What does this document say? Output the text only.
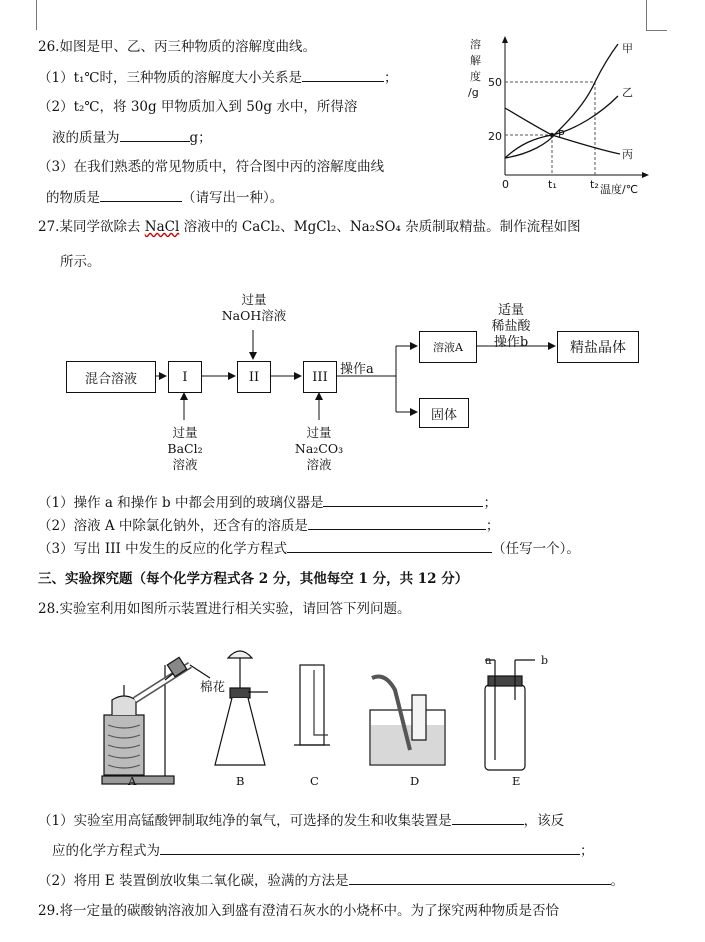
26.如图是甲、乙、丙三种物质的溶解度曲线。
（1）t₁℃时，三种物质的溶解度大小关系是	；
（2）t₂℃，将 30g 甲物质加入到 50g 水中，所得溶
液的质量为	g；
（3）在我们熟悉的常见物质中，符合图中丙的溶解度曲线
的物质是	（请写出一种）。
溶
解
度
/g
50
20
0	t₁	t₂ 温度/℃
P
甲
乙
丙
27.某同学欲除去 NaCl 溶液中的 CaCl₂、MgCl₂、Na₂SO₄ 杂质制取精盐。制作流程如图
所示。
混合溶液	I	II	III
溶液A	精盐晶体
固体
过量
NaOH溶液
过量
BaCl₂
溶液
过量
Na₂CO₃
溶液
操作a
适量
稀盐酸
操作b
（1）操作 a 和操作 b 中都会用到的玻璃仪器是	；
（2）溶液 A 中除氯化钠外，还含有的溶质是	；
（3）写出 III 中发生的反应的化学方程式	（任写一个）。
三、实验探究题（每个化学方程式各 2 分，其他每空 1 分，共 12 分）
28.实验室利用如图所示装置进行相关实验，请回答下列问题。
棉花
a	b
A	B	C	D	E
（1）实验室用高锰酸钾制取纯净的氧气，可选择的发生和收集装置是	，该反
应的化学方程式为	；
（2）将用 E 装置倒放收集二氧化碳，验满的方法是	。
29.将一定量的碳酸钠溶液加入到盛有澄清石灰水的小烧杯中。为了探究两种物质是否恰
